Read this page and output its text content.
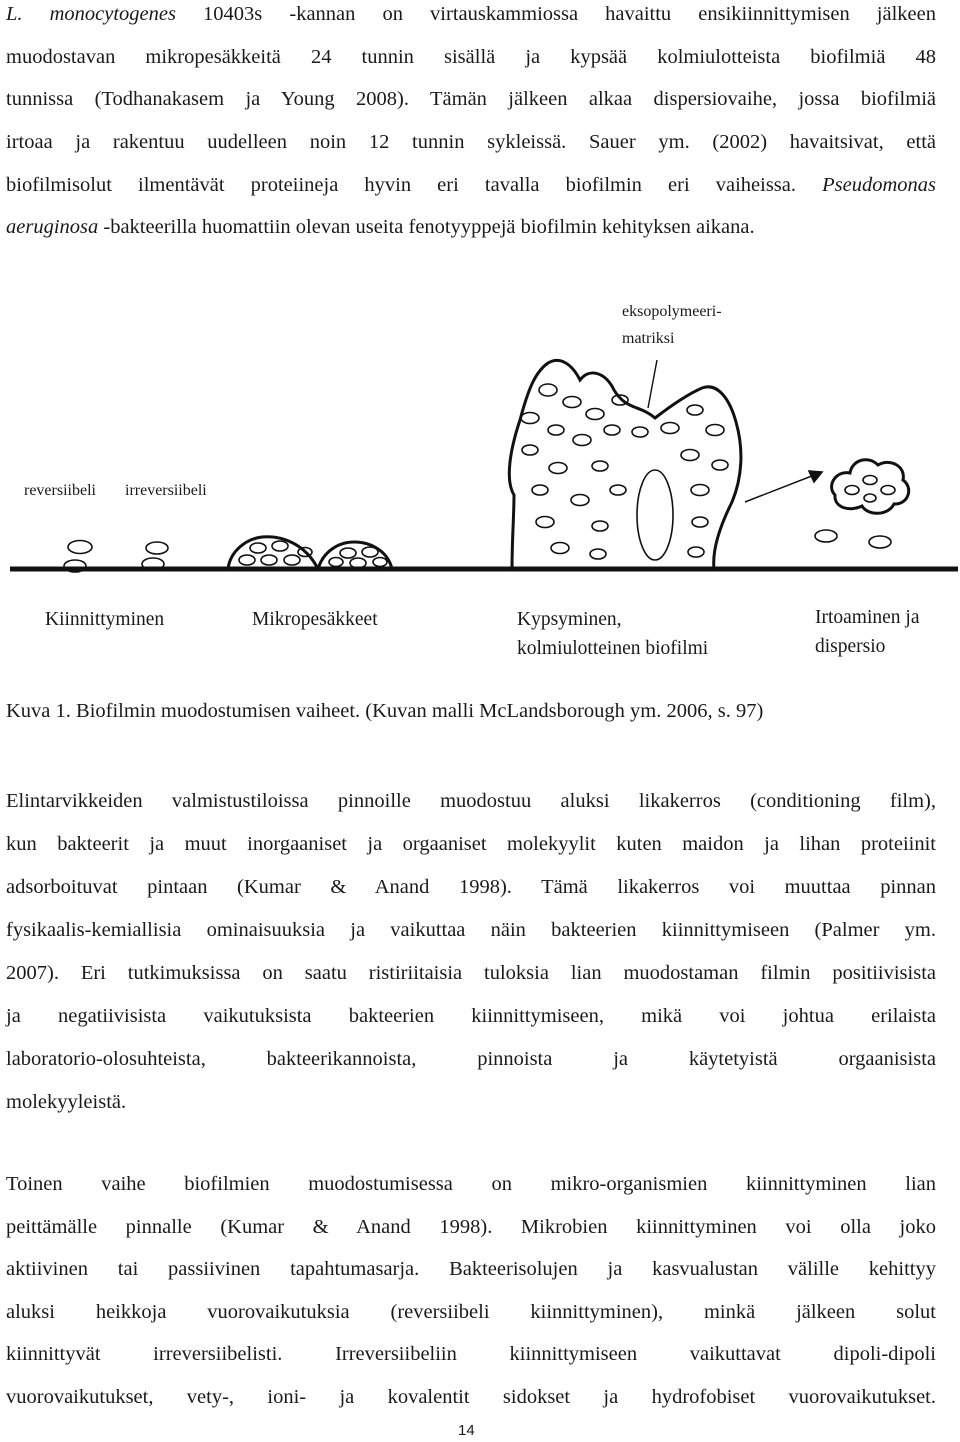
L. monocytogenes 10403s -kannan on virtauskammiossa havaittu ensikiinnittymisen jälkeen
muodostavan mikropesäkkeitä 24 tunnin sisällä ja kypsää kolmiulotteista biofilmiä 48
tunnissa (Todhanakasem ja Young 2008). Tämän jälkeen alkaa dispersiovaihe, jossa biofilmiä
irtoaa ja rakentuu uudelleen noin 12 tunnin sykleissä. Sauer ym. (2002) havaitsivat, että
biofilmisolut ilmentävät proteiineja hyvin eri tavalla biofilmin eri vaiheissa. Pseudomonas
aeruginosa -bakteerilla huomattiin olevan useita fenotyyppejä biofilmin kehityksen aikana.
eksopolymeeri-
matriksi
reversiibeli irreversiibeli
Kiinnittyminen	Mikropesäkkeet	Kypsyminen,
kolmiulotteinen biofilmi
Irtoaminen ja
dispersio
Kuva 1. Biofilmin muodostumisen vaiheet. (Kuvan malli McLandsborough ym. 2006, s. 97)
Elintarvikkeiden valmistustiloissa pinnoille muodostuu aluksi likakerros (conditioning film),
kun bakteerit ja muut inorgaaniset ja orgaaniset molekyylit kuten maidon ja lihan proteiinit
adsorboituvat pintaan (Kumar & Anand 1998). Tämä likakerros voi muuttaa pinnan
fysikaalis-kemiallisia ominaisuuksia ja vaikuttaa näin bakteerien kiinnittymiseen (Palmer ym.
2007). Eri tutkimuksissa on saatu ristiriitaisia tuloksia lian muodostaman filmin positiivisista
ja negatiivisista vaikutuksista bakteerien kiinnittymiseen, mikä voi johtua erilaista
laboratorio-olosuhteista, bakteerikannoista, pinnoista ja käytetyistä orgaanisista
molekyyleistä.
Toinen vaihe biofilmien muodostumisessa on mikro-organismien kiinnittyminen lian
peittämälle pinnalle (Kumar & Anand 1998). Mikrobien kiinnittyminen voi olla joko
aktiivinen tai passiivinen tapahtumasarja. Bakteerisolujen ja kasvualustan välille kehittyy
aluksi heikkoja vuorovaikutuksia (reversiibeli kiinnittyminen), minkä jälkeen solut
kiinnittyvät irreversiibelisti. Irreversiibeliin kiinnittymiseen vaikuttavat dipoli-dipoli
vuorovaikutukset, vety-, ioni- ja kovalentit sidokset ja hydrofobiset vuorovaikutukset.
14
